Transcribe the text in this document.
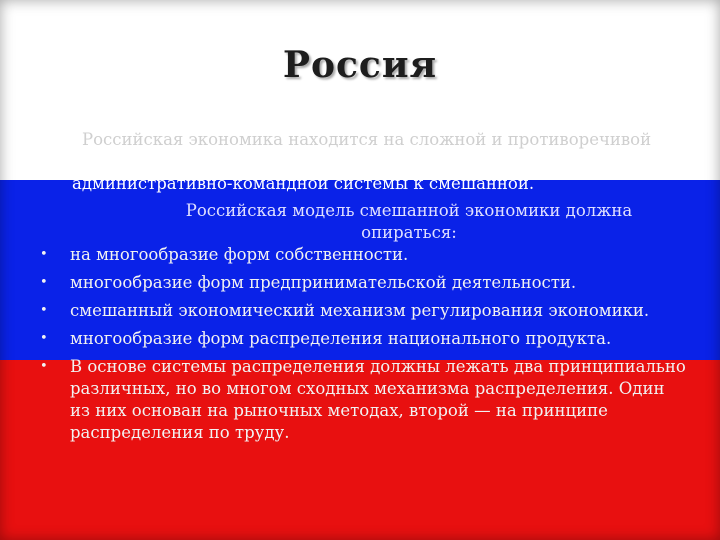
Россия

Российская экономика находится на сложной и противоречивой
стадии развития, обозначаемой как переходная — от
административно-командной системы к смешанной.

Российская модель смешанной экономики должна
опираться:

•	на многообразие форм собственности.
•	многообразие форм предпринимательской деятельности.
•	смешанный экономический механизм регулирования экономики.
•	многообразие форм распределения национального продукта.
•	В основе системы распределения должны лежать два принципиально различных, но во многом сходных механизма распределения. Один из них основан на рыночных методах, второй — на принципе распределения по труду.
